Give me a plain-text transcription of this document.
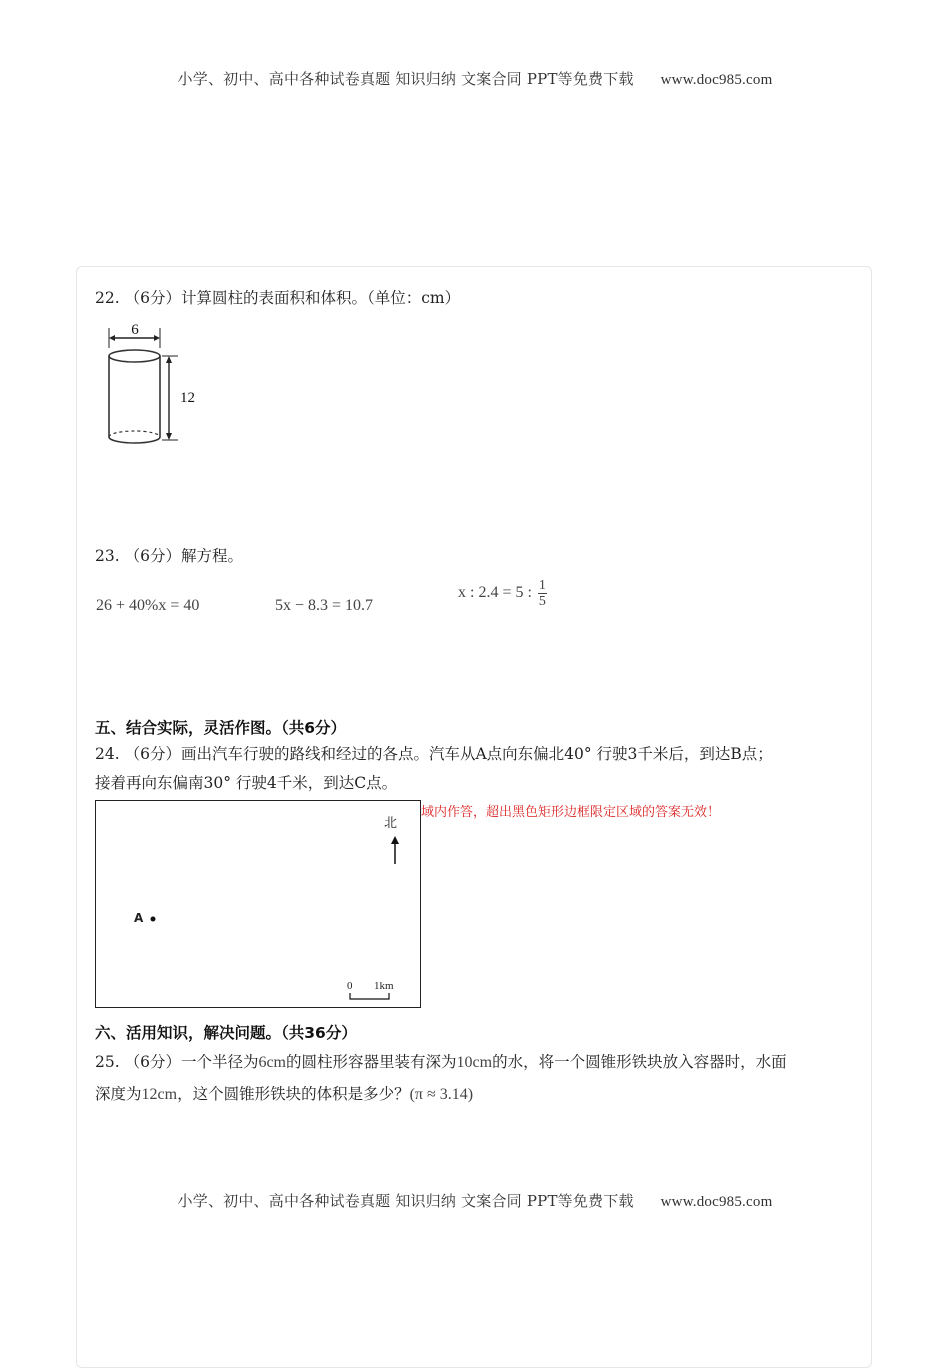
小学、初中、高中各种试卷真题 知识归纳 文案合同 PPT等免费下载 www.doc985.com
22. （6分）计算圆柱的表面积和体积。（单位：cm）
6
12
23. （6分）解方程。
26 + 40%x = 40	5x − 8.3 = 10.7
x : 2.4 = 5 : $\frac{1}{5}$
五、结合实际，灵活作图。（共6分）
24. （6分）画出汽车行驶的路线和经过的各点。汽车从A点向东偏北40° 行驶3千米后，到达B点；
接着再向东偏南30° 行驶4千米，到达C点。
北
A
0 1km
域内作答，超出黑色矩形边框限定区域的答案无效！
六、活用知识，解决问题。（共36分）
25. （6分）一个半径为6cm的圆柱形容器里装有深为10cm的水，将一个圆锥形铁块放入容器时，水面
深度为12cm，这个圆锥形铁块的体积是多少？(π ≈ 3.14)
小学、初中、高中各种试卷真题 知识归纳 文案合同 PPT等免费下载 www.doc985.com
